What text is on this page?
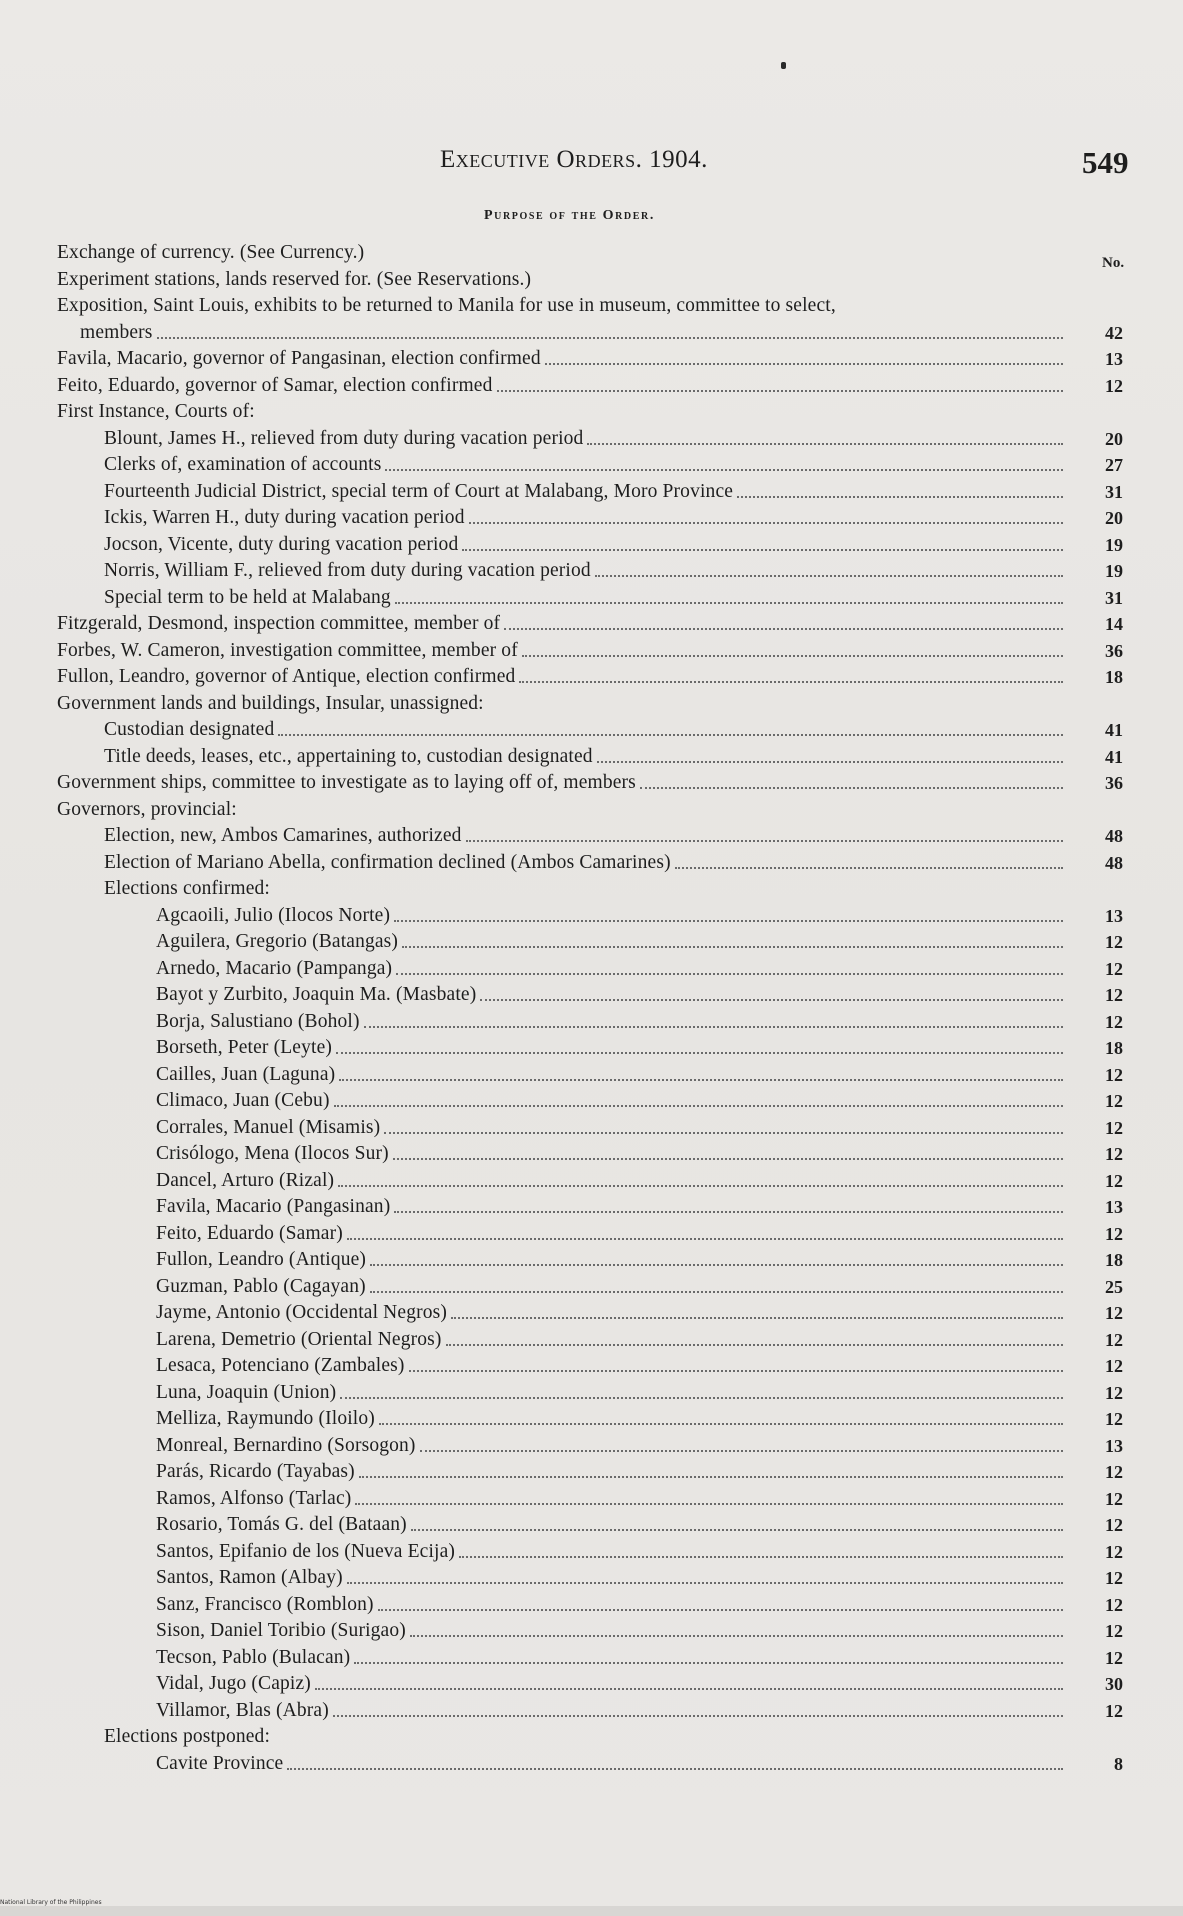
Executive Orders. 1904.	549
Purpose of the Order.
No.
Exchange of currency. (See Currency.)
Experiment stations, lands reserved for. (See Reservations.)
Exposition, Saint Louis, exhibits to be returned to Manila for use in museum, committee to select,
members	42
Favila, Macario, governor of Pangasinan, election confirmed	13
Feito, Eduardo, governor of Samar, election confirmed	12
First Instance, Courts of:
Blount, James H., relieved from duty during vacation period	20
Clerks of, examination of accounts	27
Fourteenth Judicial District, special term of Court at Malabang, Moro Province	31
Ickis, Warren H., duty during vacation period	20
Jocson, Vicente, duty during vacation period	19
Norris, William F., relieved from duty during vacation period	19
Special term to be held at Malabang	31
Fitzgerald, Desmond, inspection committee, member of	14
Forbes, W. Cameron, investigation committee, member of	36
Fullon, Leandro, governor of Antique, election confirmed	18
Government lands and buildings, Insular, unassigned:
Custodian designated	41
Title deeds, leases, etc., appertaining to, custodian designated	41
Government ships, committee to investigate as to laying off of, members	36
Governors, provincial:
Election, new, Ambos Camarines, authorized	48
Election of Mariano Abella, confirmation declined (Ambos Camarines)	48
Elections confirmed:
Agcaoili, Julio (Ilocos Norte)	13
Aguilera, Gregorio (Batangas)	12
Arnedo, Macario (Pampanga)	12
Bayot y Zurbito, Joaquin Ma. (Masbate)	12
Borja, Salustiano (Bohol)	12
Borseth, Peter (Leyte)	18
Cailles, Juan (Laguna)	12
Climaco, Juan (Cebu)	12
Corrales, Manuel (Misamis)	12
Crisólogo, Mena (Ilocos Sur)	12
Dancel, Arturo (Rizal)	12
Favila, Macario (Pangasinan)	13
Feito, Eduardo (Samar)	12
Fullon, Leandro (Antique)	18
Guzman, Pablo (Cagayan)	25
Jayme, Antonio (Occidental Negros)	12
Larena, Demetrio (Oriental Negros)	12
Lesaca, Potenciano (Zambales)	12
Luna, Joaquin (Union)	12
Melliza, Raymundo (Iloilo)	12
Monreal, Bernardino (Sorsogon)	13
Parás, Ricardo (Tayabas)	12
Ramos, Alfonso (Tarlac)	12
Rosario, Tomás G. del (Bataan)	12
Santos, Epifanio de los (Nueva Ecija)	12
Santos, Ramon (Albay)	12
Sanz, Francisco (Romblon)	12
Sison, Daniel Toribio (Surigao)	12
Tecson, Pablo (Bulacan)	12
Vidal, Jugo (Capiz)	30
Villamor, Blas (Abra)	12
Elections postponed:
Cavite Province	8
National Library of the Philippines
